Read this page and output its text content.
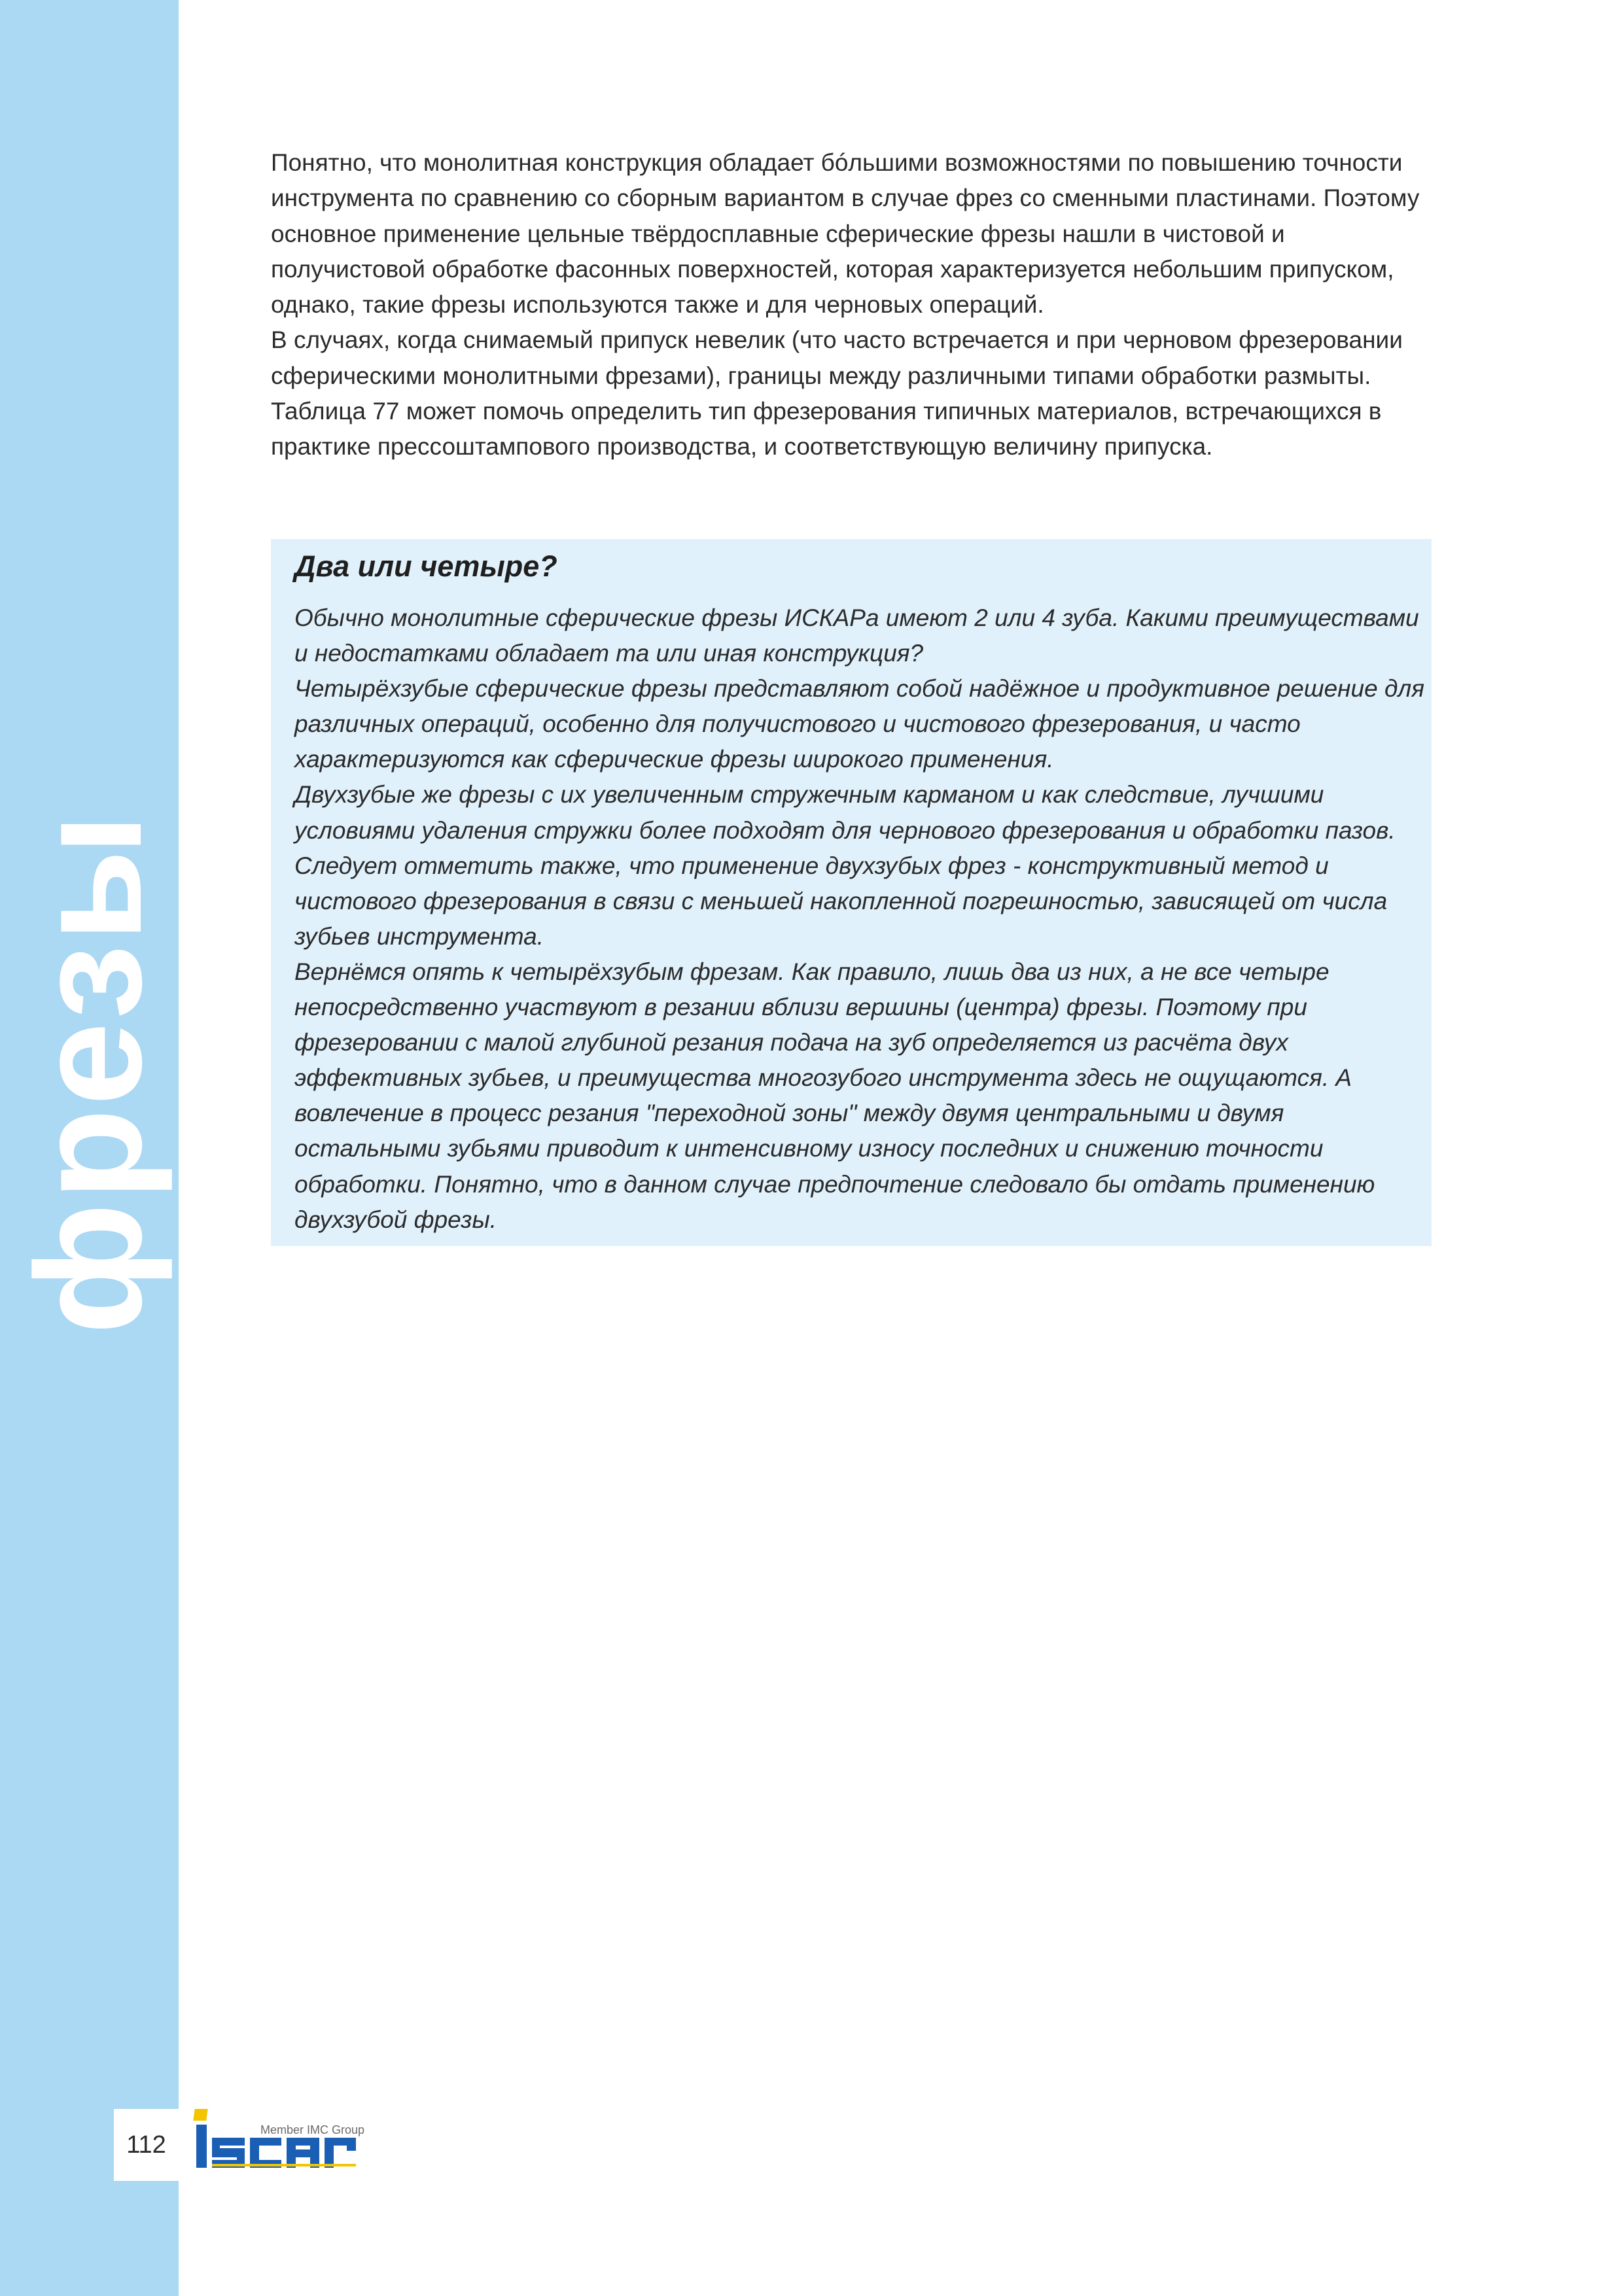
фрезы

Понятно, что монолитная конструкция обладает бóльшими возможностями по повышению точности инструмента по сравнению со сборным вариантом в случае фрез со сменными пластинами. Поэтому основное применение цельные твёрдосплавные сферические фрезы нашли в чистовой и получистовой обработке фасонных поверхностей, которая характеризуется небольшим припуском, однако, такие фрезы используются также и для черновых операций.

В случаях, когда снимаемый припуск невелик (что часто встречается и при черновом фрезеровании сферическими монолитными фрезами), границы между различными типами обработки размыты. Таблица 77 может помочь определить тип фрезерования типичных материалов, встречающихся в практике прессоштампового производства, и соответствующую величину припуска.

Два или четыре?

Обычно монолитные сферические фрезы ИСКАРа имеют 2 или 4 зуба. Какими преимуществами и недостатками обладает та или иная конструкция?

Четырёхзубые сферические фрезы представляют собой надёжное и продуктивное решение для различных операций, особенно для получистового и чистового фрезерования, и часто характеризуются как сферические фрезы широкого применения.

Двухзубые же фрезы с их увеличенным стружечным карманом и как следствие, лучшими условиями удаления стружки более подходят для чернового фрезерования и обработки пазов. Следует отметить также, что применение двухзубых фрез - конструктивный метод и чистового фрезерования в связи с меньшей накопленной погрешностью, зависящей от числа зубьев инструмента.

Вернёмся опять к четырёхзубым фрезам. Как правило, лишь два из них, а не все четыре непосредственно участвуют в резании вблизи вершины (центра) фрезы. Поэтому при фрезеровании с малой глубиной резания подача на зуб определяется из расчёта двух эффективных зубьев, и преимущества многозубого инструмента здесь не ощущаются. А вовлечение в процесс резания "переходной зоны" между двумя центральными и двумя остальными зубьями приводит к интенсивному износу последних и снижению точности обработки. Понятно, что в данном случае предпочтение следовало бы отдать применению двухзубой фрезы.

112
Member IMC Group
